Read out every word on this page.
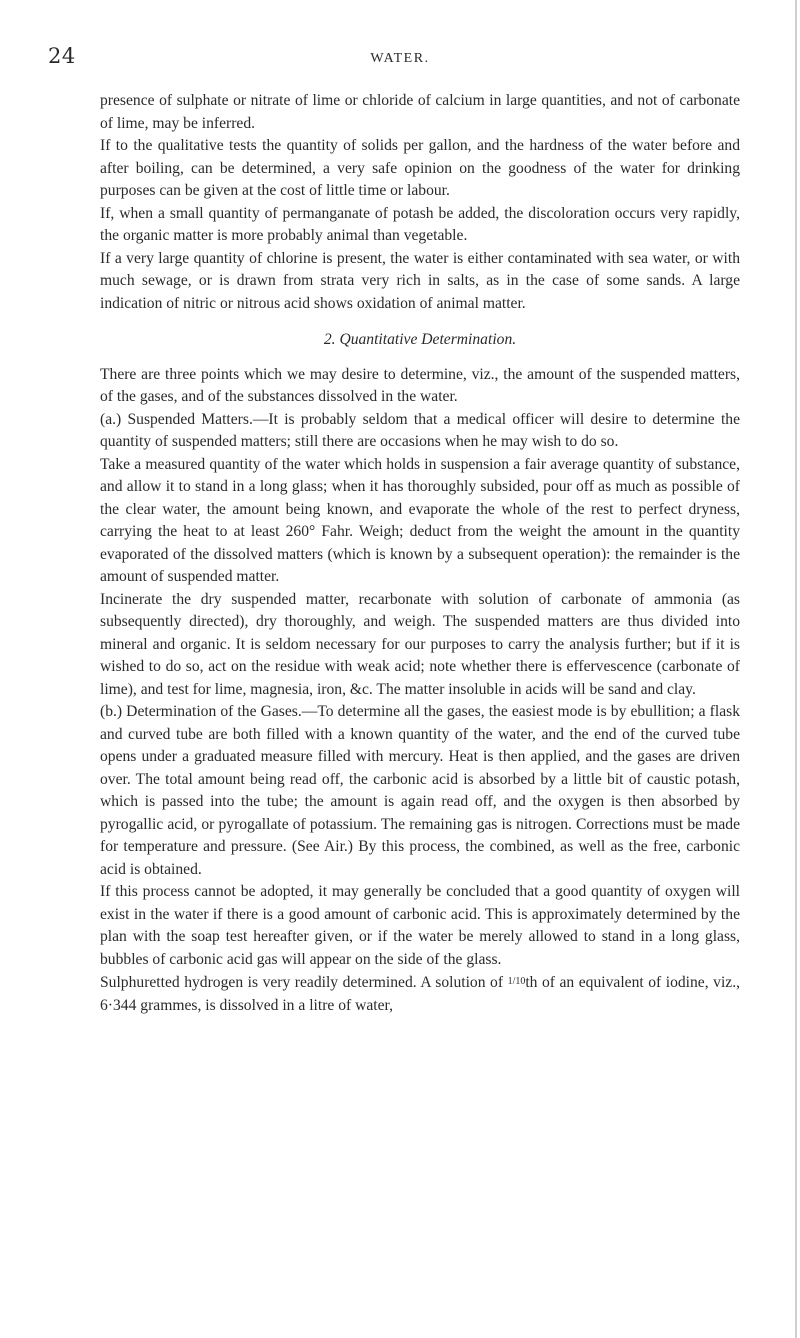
24	WATER.

presence of sulphate or nitrate of lime or chloride of calcium in large quantities, and not of carbonate of lime, may be inferred.

If to the qualitative tests the quantity of solids per gallon, and the hardness of the water before and after boiling, can be determined, a very safe opinion on the goodness of the water for drinking purposes can be given at the cost of little time or labour.

If, when a small quantity of permanganate of potash be added, the discoloration occurs very rapidly, the organic matter is more probably animal than vegetable.

If a very large quantity of chlorine is present, the water is either contaminated with sea water, or with much sewage, or is drawn from strata very rich in salts, as in the case of some sands. A large indication of nitric or nitrous acid shows oxidation of animal matter.

2. Quantitative Determination.

There are three points which we may desire to determine, viz., the amount of the suspended matters, of the gases, and of the substances dissolved in the water.

(a.) Suspended Matters.—It is probably seldom that a medical officer will desire to determine the quantity of suspended matters; still there are occasions when he may wish to do so.

Take a measured quantity of the water which holds in suspension a fair average quantity of substance, and allow it to stand in a long glass; when it has thoroughly subsided, pour off as much as possible of the clear water, the amount being known, and evaporate the whole of the rest to perfect dryness, carrying the heat to at least 260° Fahr. Weigh; deduct from the weight the amount in the quantity evaporated of the dissolved matters (which is known by a subsequent operation): the remainder is the amount of suspended matter.

Incinerate the dry suspended matter, recarbonate with solution of carbonate of ammonia (as subsequently directed), dry thoroughly, and weigh. The suspended matters are thus divided into mineral and organic. It is seldom necessary for our purposes to carry the analysis further; but if it is wished to do so, act on the residue with weak acid; note whether there is effervescence (carbonate of lime), and test for lime, magnesia, iron, &c. The matter insoluble in acids will be sand and clay.

(b.) Determination of the Gases.—To determine all the gases, the easiest mode is by ebullition; a flask and curved tube are both filled with a known quantity of the water, and the end of the curved tube opens under a graduated measure filled with mercury. Heat is then applied, and the gases are driven over. The total amount being read off, the carbonic acid is absorbed by a little bit of caustic potash, which is passed into the tube; the amount is again read off, and the oxygen is then absorbed by pyrogallic acid, or pyrogallate of potassium. The remaining gas is nitrogen. Corrections must be made for temperature and pressure. (See Air.) By this process, the combined, as well as the free, carbonic acid is obtained.

If this process cannot be adopted, it may generally be concluded that a good quantity of oxygen will exist in the water if there is a good amount of carbonic acid. This is approximately determined by the plan with the soap test hereafter given, or if the water be merely allowed to stand in a long glass, bubbles of carbonic acid gas will appear on the side of the glass.

Sulphuretted hydrogen is very readily determined. A solution of 1/10th of an equivalent of iodine, viz., 6·344 grammes, is dissolved in a litre of water,
